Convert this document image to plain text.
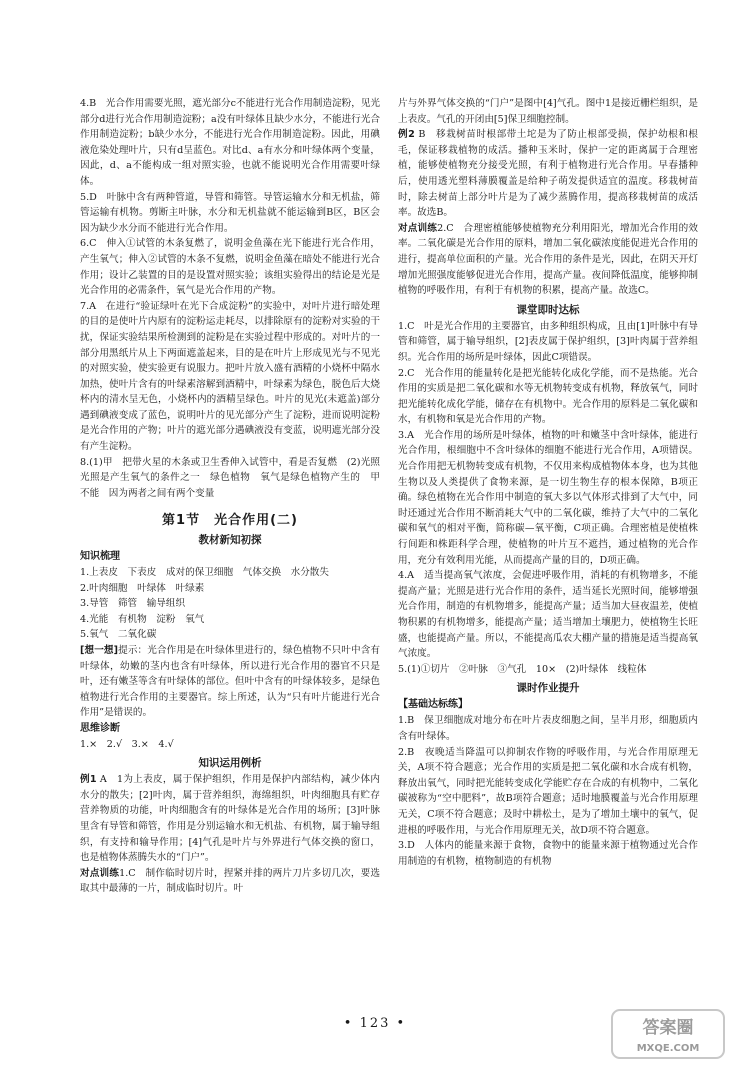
4.B　光合作用需要光照，遮光部分c不能进行光合作用制造淀粉，见光部分d进行光合作用制造淀粉；a没有叶绿体且缺少水分，不能进行光合作用制造淀粉；b缺少水分，不能进行光合作用制造淀粉。因此，用碘液危染处理叶片，只有d呈蓝色。对比d、a有水分和叶绿体两个变量，因此，d、a不能构成一组对照实验，也就不能说明光合作用需要叶绿体。

5.D　叶脉中含有两种管道，导管和筛管。导管运输水分和无机盐，筛管运输有机物。剪断主叶脉，水分和无机盐就不能运输到B区，B区会因为缺少水分而不能进行光合作用。

6.C　伸入①试管的木条复燃了，说明金鱼藻在光下能进行光合作用，产生氧气；伸入②试管的木条不复燃，说明金鱼藻在暗处不能进行光合作用；设计乙装置的目的是设置对照实验；该组实验得出的结论是光是光合作用的必需条件，氧气是光合作用的产物。

7.A　在进行“验证绿叶在光下合成淀粉”的实验中，对叶片进行暗处理的目的是使叶片内原有的淀粉运走耗尽，以排除原有的淀粉对实验的干扰，保证实验结果所检测到的淀粉是在实验过程中形成的。对叶片的一部分用黑纸片从上下两面遮盖起来，目的是在叶片上形成见光与不见光的对照实验，使实验更有说服力。把叶片放入盛有酒精的小烧杯中隔水加热，使叶片含有的叶绿素溶解到酒精中，叶绿素为绿色，脱色后大烧杯内的清水呈无色，小烧杯内的酒精呈绿色。叶片的见光(未遮盖)部分遇到碘液变成了蓝色，说明叶片的见光部分产生了淀粉，进而说明淀粉是光合作用的产物；叶片的遮光部分遇碘液没有变蓝，说明遮光部分没有产生淀粉。

8.(1)甲　把带火星的木条或卫生香伸入试管中，看是否复燃　(2)光照　光照是产生氧气的条件之一　绿色植物　氧气是绿色植物产生的　甲　不能　因为两者之间有两个变量

第1节　光合作用(二)
教材新知初探

知识梳理

1.上表皮　下表皮　成对的保卫细胞　气体交换　水分散失

2.叶肉细胞　叶绿体　叶绿素

3.导管　筛管　输导组织

4.光能　有机物　淀粉　氧气

5.氧气　二氧化碳

[想一想]提示：光合作用是在叶绿体里进行的，绿色植物不只叶中含有叶绿体，幼嫩的茎内也含有叶绿体，所以进行光合作用的器官不只是叶，还有嫩茎等含有叶绿体的部位。但叶中含有的叶绿体较多，是绿色植物进行光合作用的主要器官。综上所述，认为“只有叶片能进行光合作用”是错误的。

思维诊断

1.×　2.√　3.×　4.√

知识运用例析

例1 A　1为上表皮，属于保护组织，作用是保护内部结构，减少体内水分的散失；[2]叶肉，属于营养组织，海绵组织，叶肉细胞具有贮存营养物质的功能，叶肉细胞含有的叶绿体是光合作用的场所；[3]叶脉里含有导管和筛管，作用是分别运输水和无机盐、有机物，属于输导组织，有支持和输导作用；[4]气孔是叶片与外界进行气体交换的窗口，也是植物体蒸腾失水的“门户”。

对点训练1.C　制作临时切片时，捏紧并排的两片刀片多切几次，要选取其中最薄的一片，制成临时切片。叶

片与外界气体交换的“门户”是图中[4]气孔。图中1是接近栅栏组织，是上表皮。气孔的开闭由[5]保卫细胞控制。

例2 B　移栽树苗时根部带土坨是为了防止根部受损，保护幼根和根毛，保证移栽植物的成活。播种玉米时，保护一定的距离属于合理密植，能够使植物充分接受光照，有利于植物进行光合作用。早春播种后，使用透光塑料薄膜覆盖是给种子萌发提供适宜的温度。移栽树苗时，除去树苗上部分叶片是为了减少蒸腾作用，提高移栽树苗的成活率。故选B。

对点训练2.C　合理密植能够使植物充分利用阳光，增加光合作用的效率。二氧化碳是光合作用的原料，增加二氧化碳浓度能促进光合作用的进行，提高单位面积的产量。光合作用的条件是光，因此，在阴天开灯增加光照强度能够促进光合作用，提高产量。夜间降低温度，能够抑制植物的呼吸作用，有利于有机物的积累，提高产量。故选C。

课堂即时达标

1.C　叶是光合作用的主要器官，由多种组织构成，且由[1]叶脉中有导管和筛管，属于输导组织，[2]表皮属于保护组织，[3]叶肉属于营养组织。光合作用的场所是叶绿体，因此C项错误。

2.C　光合作用的能量转化是把光能转化成化学能，而不是热能。光合作用的实质是把二氧化碳和水等无机物转变成有机物，释放氧气，同时把光能转化成化学能，储存在有机物中。光合作用的原料是二氧化碳和水，有机物和氧是光合作用的产物。

3.A　光合作用的场所是叶绿体，植物的叶和嫩茎中含叶绿体，能进行光合作用，根细胞中不含叶绿体的细胞不能进行光合作用，A项错误。光合作用把无机物转变成有机物，不仅用来构成植物体本身，也为其他生物以及人类提供了食物来源，是一切生物生存的根本保障，B项正确。绿色植物在光合作用中制造的氧大多以气体形式排到了大气中，同时还通过光合作用不断消耗大气中的二氧化碳，维持了大气中的二氧化碳和氧气的相对平衡，简称碳—氧平衡，C项正确。合理密植是使植株行间距和株距科学合理，使植物的叶片互不遮挡，通过植物的光合作用，充分有效利用光能，从而提高产量的目的，D项正确。

4.A　适当提高氧气浓度，会促进呼吸作用，消耗的有机物增多，不能提高产量；光照是进行光合作用的条件，适当延长光照时间，能够增强光合作用，制造的有机物增多，能提高产量；适当加大昼夜温差，使植物积累的有机物增多，能提高产量；适当增加土壤肥力，使植物生长旺盛，也能提高产量。所以，不能提高瓜农大棚产量的措施是适当提高氧气浓度。

5.(1)①切片　②叶脉　③气孔　10×　(2)叶绿体　线粒体

课时作业提升

【基础达标练】

1.B　保卫细胞成对地分布在叶片表皮细胞之间，呈半月形，细胞质内含有叶绿体。

2.B　夜晚适当降温可以抑制农作物的呼吸作用，与光合作用原理无关，A项不符合题意；光合作用的实质是把二氧化碳和水合成有机物，释放出氧气，同时把光能转变成化学能贮存在合成的有机物中，二氧化碳被称为“空中肥料”，故B项符合题意；适时地膜覆盖与光合作用原理无关，C项不符合题意；及时中耕松土，是为了增加土壤中的氧气，促进根的呼吸作用，与光合作用原理无关，故D项不符合题意。

3.D　人体内的能量来源于食物，食物中的能量来源于植物通过光合作用制造的有机物，植物制造的有机物

• 123 •	答案圈
MXQE.COM
